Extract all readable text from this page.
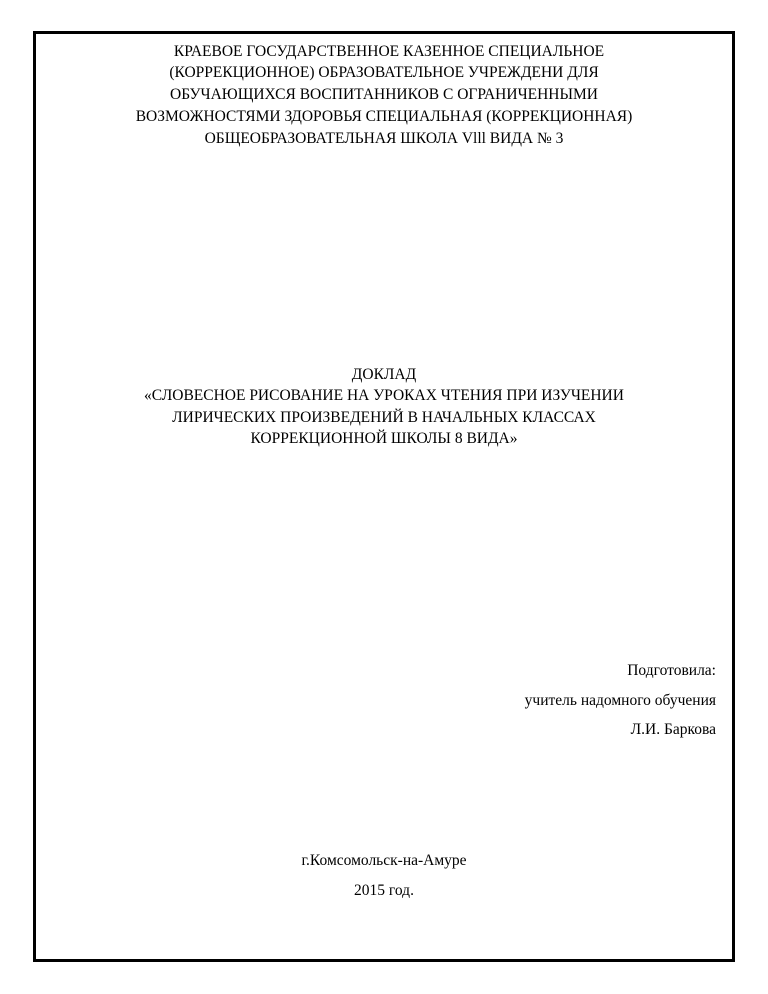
КРАЕВОЕ ГОСУДАРСТВЕННОЕ КАЗЕННОЕ СПЕЦИАЛЬНОЕ
(КОРРЕКЦИОННОЕ) ОБРАЗОВАТЕЛЬНОЕ УЧРЕЖДЕНИ ДЛЯ
ОБУЧАЮЩИХСЯ ВОСПИТАННИКОВ С ОГРАНИЧЕННЫМИ
ВОЗМОЖНОСТЯМИ ЗДОРОВЬЯ СПЕЦИАЛЬНАЯ (КОРРЕКЦИОННАЯ)
ОБЩЕОБРАЗОВАТЕЛЬНАЯ ШКОЛА Vlll ВИДА № 3
ДОКЛАД
«СЛОВЕСНОЕ РИСОВАНИЕ НА УРОКАХ ЧТЕНИЯ ПРИ ИЗУЧЕНИИ
ЛИРИЧЕСКИХ ПРОИЗВЕДЕНИЙ В НАЧАЛЬНЫХ КЛАССАХ
КОРРЕКЦИОННОЙ ШКОЛЫ 8 ВИДА»
Подготовила:
учитель надомного обучения
Л.И. Баркова
г.Комсомольск-на-Амуре
2015 год.
